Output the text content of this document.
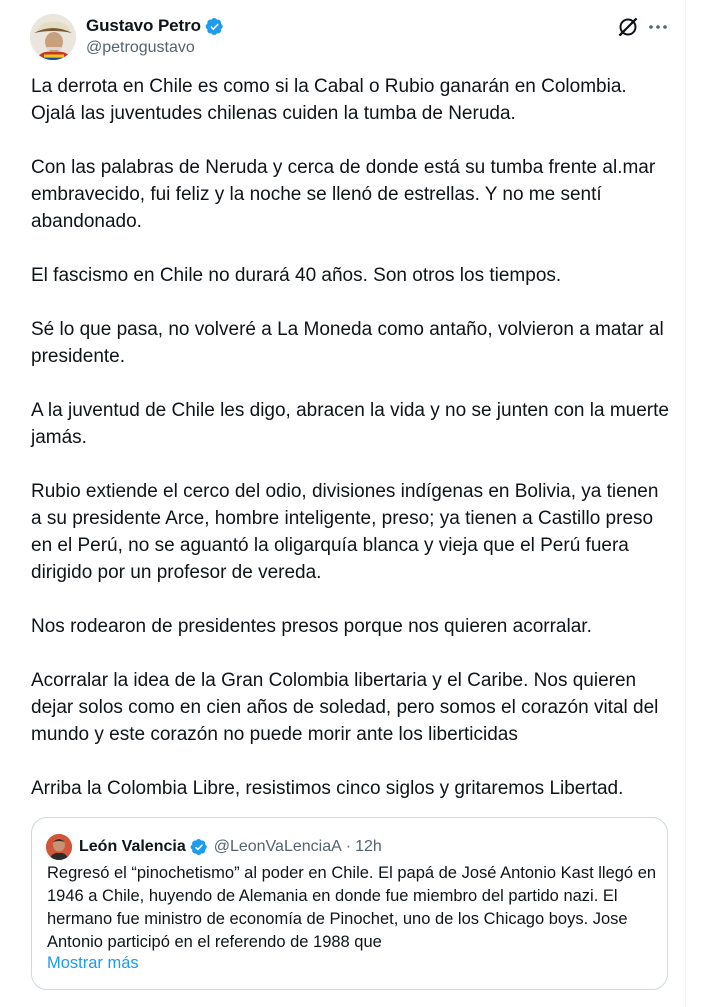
Gustavo Petro
@petrogustavo

La derrota en Chile es como si la Cabal o Rubio ganarán en Colombia. Ojalá las juventudes chilenas cuiden la tumba de Neruda.

Con las palabras de Neruda y cerca de donde está su tumba frente al.mar embravecido, fui feliz y la noche se llenó de estrellas. Y no me sentí abandonado.

El fascismo en Chile no durará 40 años. Son otros los tiempos.

Sé lo que pasa, no volveré a La Moneda como antaño, volvieron a matar al presidente.

A la juventud de Chile les digo, abracen la vida y no se junten con la muerte jamás.

Rubio extiende el cerco del odio, divisiones indígenas en Bolivia, ya tienen a su presidente Arce, hombre inteligente, preso; ya tienen a Castillo preso en el Perú, no se aguantó la oligarquía blanca y vieja que el Perú fuera dirigido por un profesor de vereda.

Nos rodearon de presidentes presos porque nos quieren acorralar.

Acorralar la idea de la Gran Colombia libertaria y el Caribe. Nos quieren dejar solos como en cien años de soledad, pero somos el corazón vital del mundo y este corazón no puede morir ante los liberticidas

Arriba la Colombia Libre, resistimos cinco siglos y gritaremos Libertad.

León Valencia @LeonVaLenciaA · 12h
Regresó el “pinochetismo” al poder en Chile. El papá de José Antonio Kast llegó en 1946 a Chile, huyendo de Alemania en donde fue miembro del partido nazi. El hermano fue ministro de economía de Pinochet, uno de los Chicago boys. Jose Antonio participó en el referendo de 1988 que
Mostrar más
